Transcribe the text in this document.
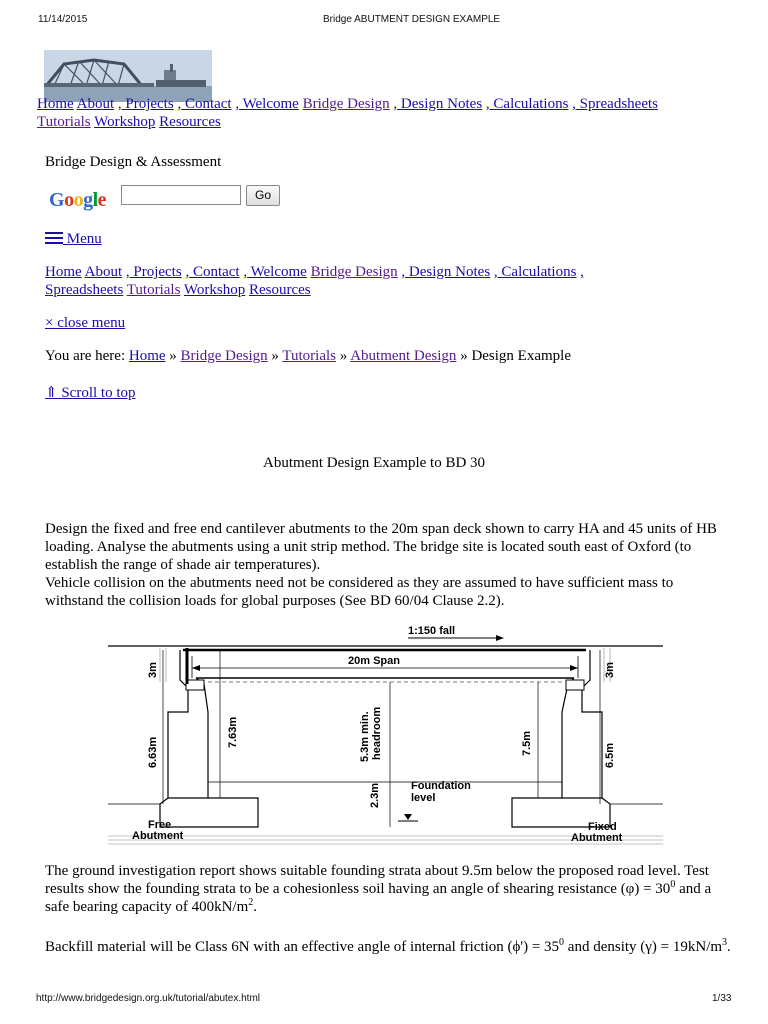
11/14/2015	Bridge ABUTMENT DESIGN EXAMPLE
Home About , Projects , Contact , Welcome Bridge Design , Design Notes , Calculations , Spreadsheets
Tutorials Workshop Resources
Bridge Design & Assessment
Google	Go
Menu
Home About , Projects , Contact , Welcome Bridge Design , Design Notes , Calculations ,
Spreadsheets Tutorials Workshop Resources
× close menu
You are here: Home » Bridge Design » Tutorials » Abutment Design » Design Example
⇑ Scroll to top
Abutment Design Example to BD 30
Design the fixed and free end cantilever abutments to the 20m span deck shown to carry HA and 45 units of HB loading. Analyse the abutments using a unit strip method. The bridge site is located south east of Oxford (to establish the range of shade air temperatures).
Vehicle collision on the abutments need not be considered as they are assumed to have sufficient mass to withstand the collision loads for global purposes (See BD 60/04 Clause 2.2).
1:150 fall
20m Span
3m
6.63m
7.63m	5.3m min. headroom
2.3m
7.5m
3m
6.5m
Foundation
level
Free
Abutment
Fixed
Abutment
The ground investigation report shows suitable founding strata about 9.5m below the proposed road level. Test results show the founding strata to be a cohesionless soil having an angle of shearing resistance $(\varphi) = 30^0$ and a safe bearing capacity of $400kN/m^2$.
Backfill material will be Class 6N with an effective angle of internal friction $(\phi') = 35^0$ and density $(\gamma) = 19kN/m^3$.
http://www.bridgedesign.org.uk/tutorial/abutex.html	1/33
